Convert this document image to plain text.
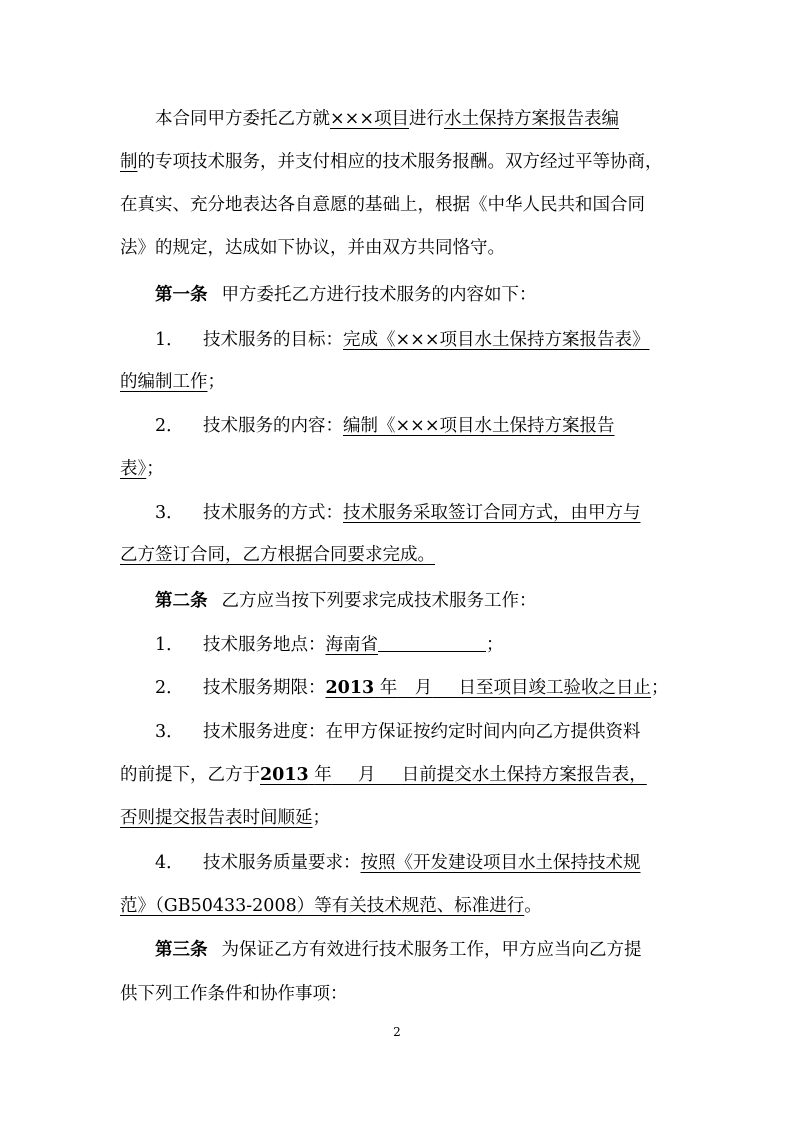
本合同甲方委托乙方就×××项目进行水土保持方案报告表编
制的专项技术服务，并支付相应的技术服务报酬。双方经过平等协商，
在真实、充分地表达各自意愿的基础上，根据《中华人民共和国合同
法》的规定，达成如下协议，并由双方共同恪守。
第一条 甲方委托乙方进行技术服务的内容如下：
1． 技术服务的目标：完成《×××项目水土保持方案报告表》
的编制工作；
2． 技术服务的内容：编制《×××项目水土保持方案报告
表》；
3． 技术服务的方式：技术服务采取签订合同方式，由甲方与
乙方签订合同，乙方根据合同要求完成。
第二条 乙方应当按下列要求完成技术服务工作：
1． 技术服务地点：海南省	；
2． 技术服务期限：2013 年  月   日至项目竣工验收之日止；
3． 技术服务进度：在甲方保证按约定时间内向乙方提供资料
的前提下，乙方于2013 年   月   日前提交水土保持方案报告表，
否则提交报告表时间顺延；
4． 技术服务质量要求：按照《开发建设项目水土保持技术规
范》（GB50433-2008）等有关技术规范、标准进行。
第三条 为保证乙方有效进行技术服务工作，甲方应当向乙方提
供下列工作条件和协作事项：
2
